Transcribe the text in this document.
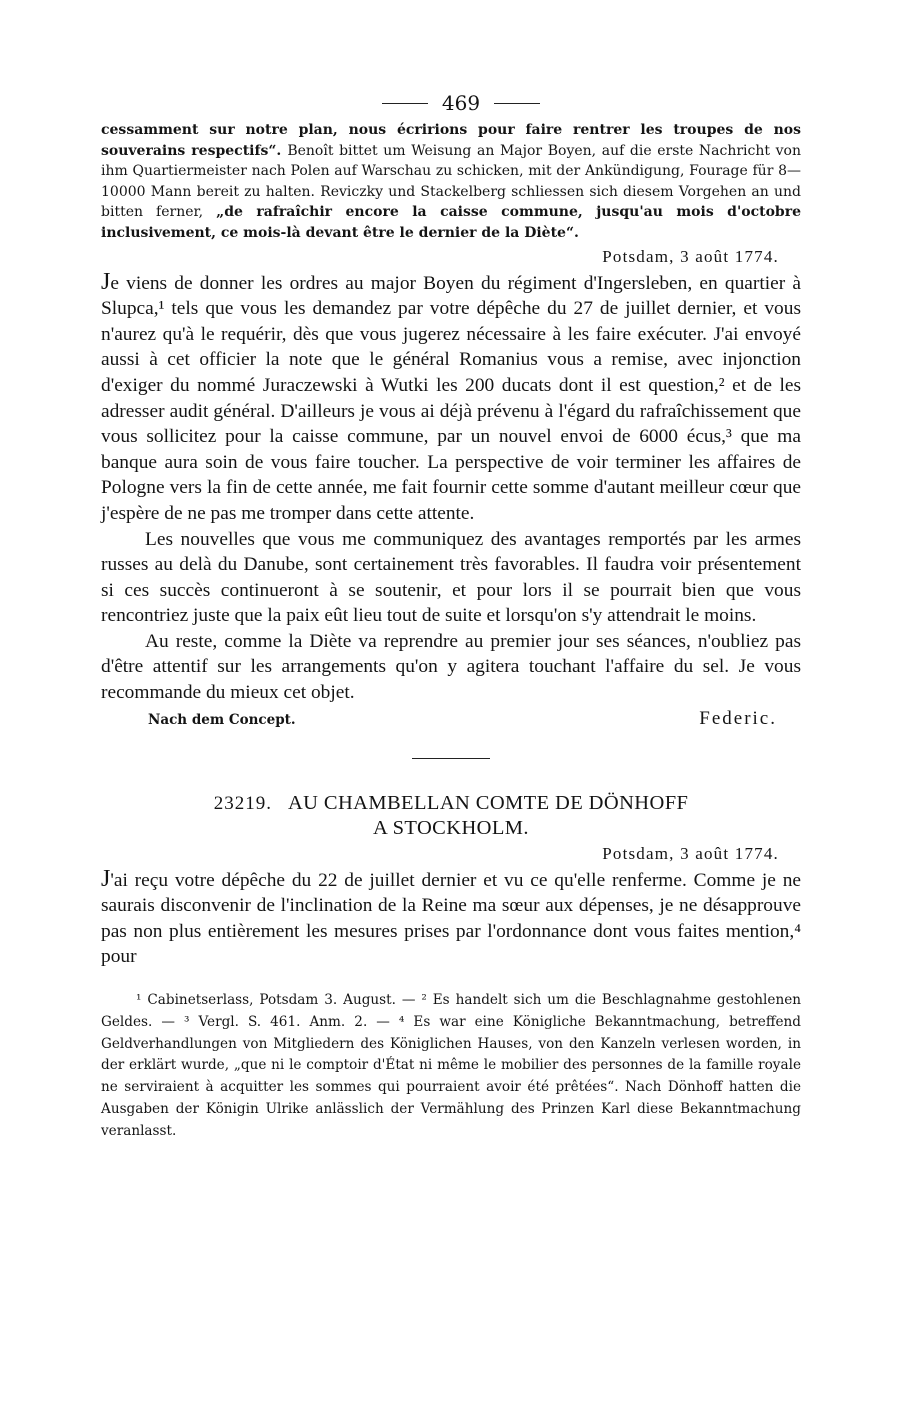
469
cessamment sur notre plan, nous écririons pour faire rentrer les troupes de nos souverains respectifs“. Benoît bittet um Weisung an Major Boyen, auf die erste Nachricht von ihm Quartiermeister nach Polen auf Warschau zu schicken, mit der Ankündigung, Fourage für 8—10000 Mann bereit zu halten. Reviczky und Stackelberg schliessen sich diesem Vorgehen an und bitten ferner, „de rafraîchir encore la caisse commune, jusqu'au mois d'octobre inclusivement, ce mois-là devant être le dernier de la Diète“.
Potsdam, 3 août 1774.

Je viens de donner les ordres au major Boyen du régiment d'Ingersleben, en quartier à Slupca,¹ tels que vous les demandez par votre dépêche du 27 de juillet dernier, et vous n'aurez qu'à le requérir, dès que vous jugerez nécessaire à les faire exécuter. J'ai envoyé aussi à cet officier la note que le général Romanius vous a remise, avec injonction d'exiger du nommé Juraczewski à Wutki les 200 ducats dont il est question,² et de les adresser audit général. D'ailleurs je vous ai déjà prévenu à l'égard du rafraîchissement que vous sollicitez pour la caisse commune, par un nouvel envoi de 6000 écus,³ que ma banque aura soin de vous faire toucher. La perspective de voir terminer les affaires de Pologne vers la fin de cette année, me fait fournir cette somme d'autant meilleur cœur que j'espère de ne pas me tromper dans cette attente.

Les nouvelles que vous me communiquez des avantages remportés par les armes russes au delà du Danube, sont certainement très favorables. Il faudra voir présentement si ces succès continueront à se soutenir, et pour lors il se pourrait bien que vous rencontriez juste que la paix eût lieu tout de suite et lorsqu'on s'y attendrait le moins.

Au reste, comme la Diète va reprendre au premier jour ses séances, n'oubliez pas d'être attentif sur les arrangements qu'on y agitera touchant l'affaire du sel. Je vous recommande du mieux cet objet.

Nach dem Concept.	Federic.
23219. AU CHAMBELLAN COMTE DE DÖNHOFF
A STOCKHOLM.
Potsdam, 3 août 1774.

J'ai reçu votre dépêche du 22 de juillet dernier et vu ce qu'elle renferme. Comme je ne saurais disconvenir de l'inclination de la Reine ma sœur aux dépenses, je ne désapprouve pas non plus entièrement les mesures prises par l'ordonnance dont vous faites mention,⁴ pour

¹ Cabinetserlass, Potsdam 3. August. — ² Es handelt sich um die Beschlagnahme gestohlenen Geldes. — ³ Vergl. S. 461. Anm. 2. — ⁴ Es war eine Königliche Bekanntmachung, betreffend Geldverhandlungen von Mitgliedern des Königlichen Hauses, von den Kanzeln verlesen worden, in der erklärt wurde, „que ni le comptoir d'État ni même le mobilier des personnes de la famille royale ne serviraient à acquitter les sommes qui pourraient avoir été prêtées“. Nach Dönhoff hatten die Ausgaben der Königin Ulrike anlässlich der Vermählung des Prinzen Karl diese Bekanntmachung veranlasst.
